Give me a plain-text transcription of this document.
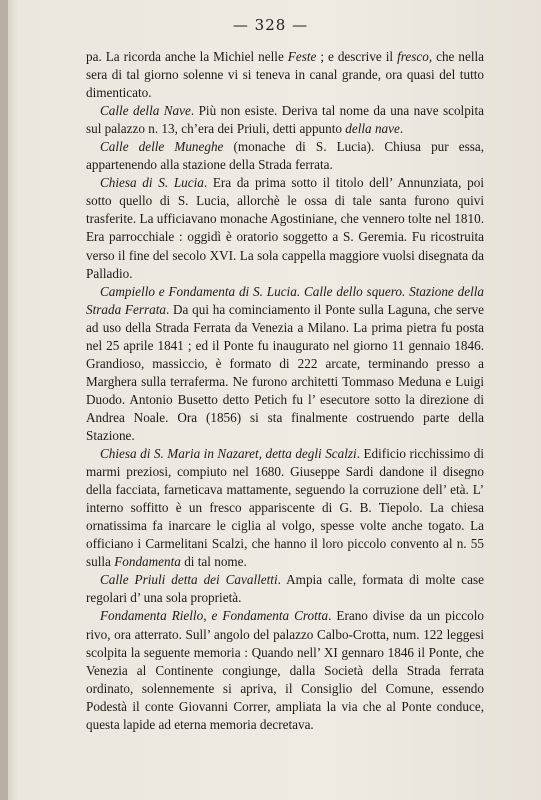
— 328 —

pa. La ricorda anche la Michiel nelle Feste ; e descrive il fresco, che nella sera di tal giorno solenne vi si teneva in canal grande, ora quasi del tutto dimenticato.

Calle della Nave. Più non esiste. Deriva tal nome da una nave scolpita sul palazzo n. 13, ch’era dei Priuli, detti appunto della nave.

Calle delle Muneghe (monache di S. Lucia). Chiusa pur essa, appartenendo alla stazione della Strada ferrata.

Chiesa di S. Lucia. Era da prima sotto il titolo dell’ Annunziata, poi sotto quello di S. Lucia, allorchè le ossa di tale santa furono quivi trasferite. La ufficiavano monache Agostiniane, che vennero tolte nel 1810. Era parrocchiale : oggidì è oratorio soggetto a S. Geremia. Fu ricostruita verso il fine del secolo XVI. La sola cappella maggiore vuolsi disegnata da Palladio.

Campiello e Fondamenta di S. Lucia. Calle dello squero. Stazione della Strada Ferrata. Da qui ha cominciamento il Ponte sulla Laguna, che serve ad uso della Strada Ferrata da Venezia a Milano. La prima pietra fu posta nel 25 aprile 1841 ; ed il Ponte fu inaugurato nel giorno 11 gennaio 1846. Grandioso, massiccio, è formato di 222 arcate, terminando presso a Marghera sulla terraferma. Ne furono architetti Tommaso Meduna e Luigi Duodo. Antonio Busetto detto Petich fu l’ esecutore sotto la direzione di Andrea Noale. Ora (1856) si sta finalmente costruendo parte della Stazione.

Chiesa di S. Maria in Nazaret, detta degli Scalzi. Edificio ricchissimo di marmi preziosi, compiuto nel 1680. Giuseppe Sardi dandone il disegno della facciata, farneticava mattamente, seguendo la corruzione dell’ età. L’ interno soffitto è un fresco appariscente di G. B. Tiepolo. La chiesa ornatissima fa inarcare le ciglia al volgo, spesse volte anche togato. La officiano i Carmelitani Scalzi, che hanno il loro piccolo convento al n. 55 sulla Fondamenta di tal nome.

Calle Priuli detta dei Cavalletti. Ampia calle, formata di molte case regolari d’ una sola proprietà.

Fondamenta Riello, e Fondamenta Crotta. Erano divise da un piccolo rivo, ora atterrato. Sull’ angolo del palazzo Calbo-Crotta, num. 122 leggesi scolpita la seguente memoria : Quando nell’ XI gennaro 1846 il Ponte, che Venezia al Continente congiunge, dalla Società della Strada ferrata ordinato, solennemente si apriva, il Consiglio del Comune, essendo Podestà il conte Giovanni Correr, ampliata la via che al Ponte conduce, questa lapide ad eterna memoria decretava.
